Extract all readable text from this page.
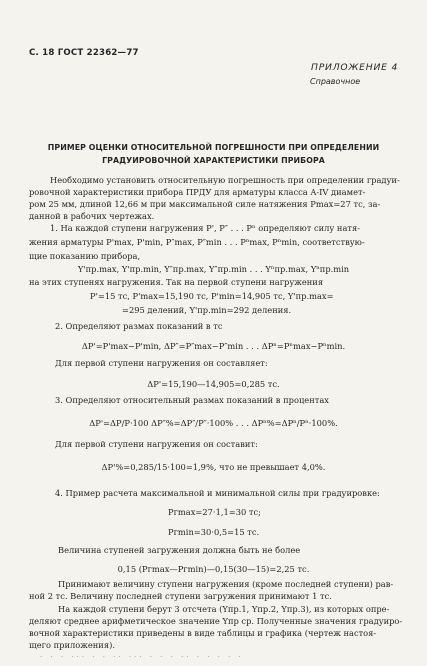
С. 18 ГОСТ 22362—77
ПРИЛОЖЕНИЕ 4
Справочное
ПРИМЕР ОЦЕНКИ ОТНОСИТЕЛЬНОЙ ПОГРЕШНОСТИ ПРИ ОПРЕДЕЛЕНИИ
ГРАДУИРОВОЧНОЙ ХАРАКТЕРИСТИКИ ПРИБОРА
Необходимо установить относительную погрешность при определении градуи-
ровочной характеристики прибора ПРДУ для арматуры класса A-IV диамет-
ром 25 мм, длиной 12,66 м при максимальной силе натяжения Pmax=27 тс, за-
данной в рабочих чертежах.
1. На каждой ступени нагружения P', P″ . . . Pⁿ определяют силу натя-
жения арматуры P'max, P'min, P″max, P″min . . . Pⁿmax, Pⁿmin, соответствую-
щие показанию прибора,
Y'пр.max, Y'пр.min, Y″пр.max, Y″пр.min . . . Yⁿпр.max, Yⁿпр.min
на этих ступенях нагружения. Так на первой ступени нагружения
P'=15 тс, P'max=15,190 тс, P'min=14,905 тс, Y'пр.max=
=295 делений, Y'пр.min=292 деления.
2. Определяют размах показаний в тс
ΔP'=P'max−P'min, ΔP″=P″max−P″min . . . ΔPⁿ=Pⁿmax−Pⁿmin.
Для первой ступени нагружения он составляет:
ΔP'=15,190—14,905=0,285 тс.
3. Определяют относительный размах показаний в процентах
ΔP'=ΔP/P·100 ΔP″%=ΔP″/P″·100% . . . ΔPⁿ%=ΔPⁿ/Pⁿ·100%.
Для первой ступени нагружения он составит:
ΔP'%=0,285/15·100=1,9%, что не превышает 4,0%.
4. Пример расчета максимальной и минимальной силы при градуировке:
Pгmax=27·1,1=30 тс;
Pгmin=30·0,5=15 тс.
Величина ступеней загружения должна быть не более
0,15 (Pгmax—Pгmin)—0,15(30—15)=2,25 тс.
Принимают величину ступени нагружения (кроме последней ступени) рав-
ной 2 тс. Величину последней ступени загружения принимают 1 тс.
На каждой ступени берут 3 отсчета (Yпр.1, Yпр.2, Yпр.3), из которых опре-
деляют среднее арифметическое значение Yпр ср. Полученные значения градуиро-
вочной характеристики приведены в виде таблицы и графика (чертеж настоя-
щего приложения).
. . . ... . . .. ... . . . .. . . . . .
